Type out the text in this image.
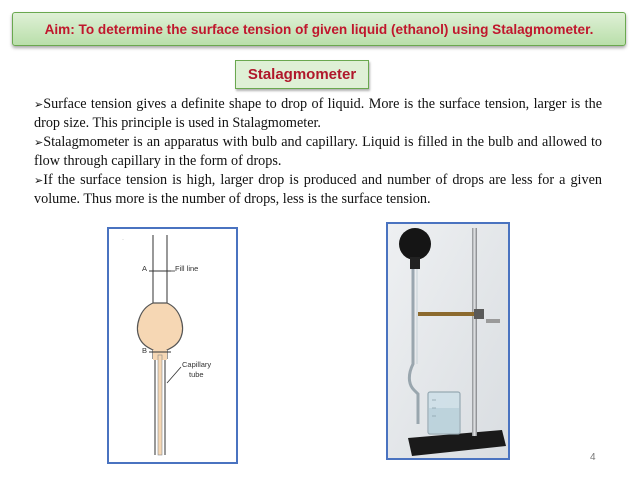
Aim: To determine the surface tension of given liquid (ethanol) using Stalagmometer.
Stalagmometer
➢Surface tension gives a definite shape to drop of liquid. More is the surface tension, larger is the drop size. This principle is used in Stalagmometer.
➢Stalagmometer is an apparatus with bulb and capillary. Liquid is filled in the bulb and allowed to flow through capillary in the form of drops.
➢If the surface tension is high, larger drop is produced and number of drops are less for a given volume. Thus more is the number of drops, less is the surface tension.
·
A	Fill line
B
Capillary
tube
4
